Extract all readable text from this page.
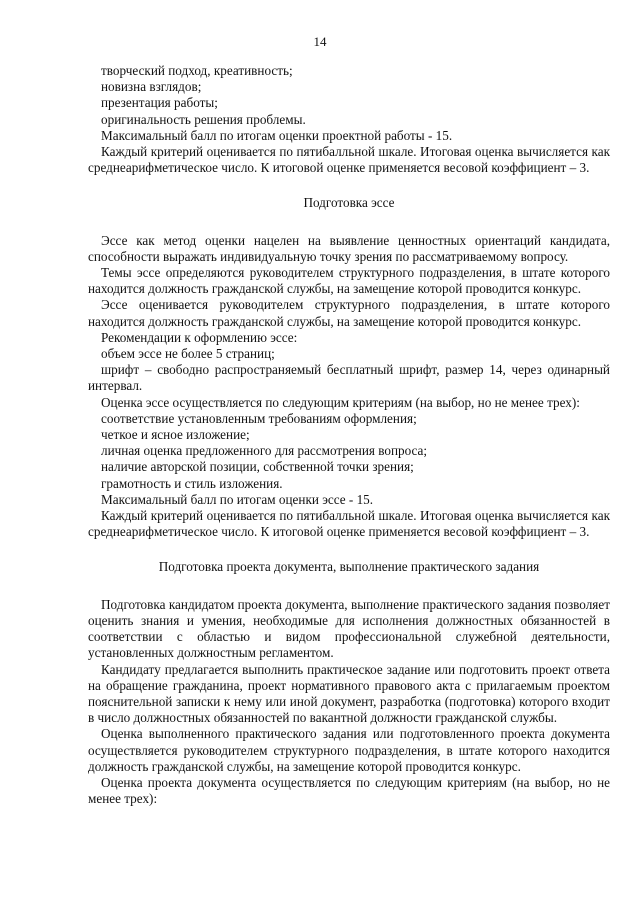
14

творческий подход, креативность;

новизна взглядов;

презентация работы;

оригинальность решения проблемы.

Максимальный балл по итогам оценки проектной работы - 15.

Каждый критерий оценивается по пятибалльной шкале. Итоговая оценка вычисляется как среднеарифметическое число. К итоговой оценке применяется весовой коэффициент – 3.

Подготовка эссе

Эссе как метод оценки нацелен на выявление ценностных ориентаций кандидата, способности выражать индивидуальную точку зрения по рассматриваемому вопросу.

Темы эссе определяются руководителем структурного подразделения, в штате которого находится должность гражданской службы, на замещение которой проводится конкурс.

Эссе оценивается руководителем структурного подразделения, в штате которого находится должность гражданской службы, на замещение которой проводится конкурс.

Рекомендации к оформлению эссе:

объем эссе не более 5 страниц;

шрифт – свободно распространяемый бесплатный шрифт, размер 14, через одинарный интервал.

Оценка эссе осуществляется по следующим критериям (на выбор, но не менее трех):

соответствие установленным требованиям оформления;

четкое и ясное изложение;

личная оценка предложенного для рассмотрения вопроса;

наличие авторской позиции, собственной точки зрения;

грамотность и стиль изложения.

Максимальный балл по итогам оценки эссе - 15.

Каждый критерий оценивается по пятибалльной шкале. Итоговая оценка вычисляется как среднеарифметическое число. К итоговой оценке применяется весовой коэффициент – 3.

Подготовка проекта документа, выполнение практического задания

Подготовка кандидатом проекта документа, выполнение практического задания позволяет оценить знания и умения, необходимые для исполнения должностных обязанностей в соответствии с областью и видом профессиональной служебной деятельности, установленных должностным регламентом.

Кандидату предлагается выполнить практическое задание или подготовить проект ответа на обращение гражданина, проект нормативного правового акта с прилагаемым проектом пояснительной записки к нему или иной документ, разработка (подготовка) которого входит в число должностных обязанностей по вакантной должности гражданской службы.

Оценка выполненного практического задания или подготовленного проекта документа осуществляется руководителем структурного подразделения, в штате которого находится должность гражданской службы, на замещение которой проводится конкурс.

Оценка проекта документа осуществляется по следующим критериям (на выбор, но не менее трех):
